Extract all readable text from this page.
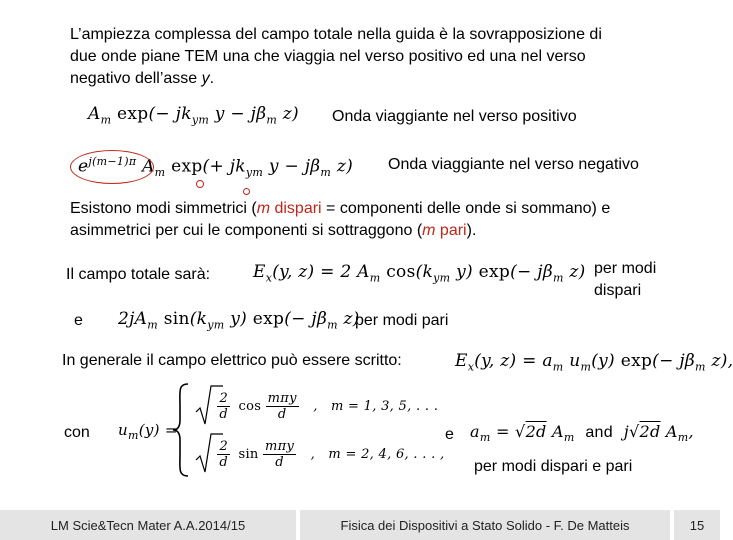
L’ampiezza complessa del campo totale nella guida è la sovrapposizione di
due onde piane TEM una che viaggia nel verso positivo ed una nel verso
negativo dell’asse y.
$A_m$ $\exp(- jk_{ym}$ $y - j\beta_m$ z) Onda viaggiante nel verso positivo
$e^{j(m-1)\pi}$ $A_m$ $\exp(+ jk_{ym}$ $y - j\beta_m$ z) Onda viaggiante nel verso negativo
Esistono modi simmetrici (m dispari = componenti delle onde si sommano) e
asimmetrici per cui le componenti si sottraggono (m pari).
Il campo totale sarà:	$E_x(y$, z) = 2 $A_m$ $\cos(k_{ym}$ y) $\exp(- j\beta_m$ z) per modi
dispari
e $2jA_m$ $\sin(k_{ym}$ y) $\exp(- j\beta_m$ z)
per modi pari
In generale il campo elettrico può essere scritto:	$E_x(y$, $z) = a_m$ $u_m(y)$ $\exp(- j\beta_m$ z),
con $u_m(y)$ =

$\frac{2}{d}$ $\cos \frac{\text{mπy}}{d}$ ,   m = 1, 3, 5, . . .

$\frac{2}{d}$ $\sin \frac{\text{mπy}}{d}$ ,   m = 2, 4, 6, . . . ,
e $a_m = √2d$ $A_m$ and  j√2d $A_m$,
per modi dispari e pari
LM Scie&Tecn Mater A.A.2014/15	Fisica dei Dispositivi a Stato Solido - F. De Matteis	15
